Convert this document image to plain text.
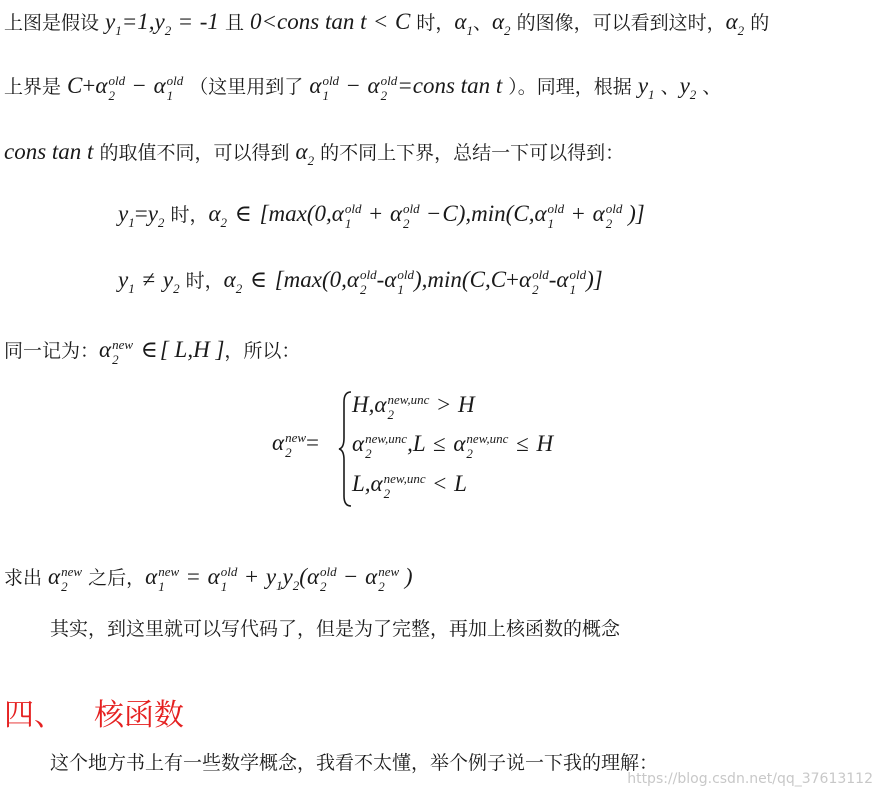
上图是假设 $y_1=1,y_2 = -1$ 且 0<cons tan t < C 时，$\alpha_1$、$\alpha_2$ 的图像，可以看到这时，$\alpha_2$ 的
上界是 C+α old
2 − α old
1 （这里用到了 α old
1 − α old
2 =cons tan t ）。同理，根据 $y_1$ 、$y_2$ 、
cons tan t 的取值不同，可以得到 $\alpha_2$ 的不同上下界，总结一下可以得到：
$y_1=y_2$ 时，$\alpha_2$ ∈ [max(0,α old
1 + α old
2 −C),min(C,α old
1 + α old
2 )]
$y_1 \ne y_2$ 时，$\alpha_2$ ∈ [max(0,α old
2 -α old
1 ),min(C,C+α old
2 -α old
1 )]
同一记为：α new
2 ∈[ L,H ]，所以：
α new
2 =
H,α new,unc
2	> H
α new,unc
2	,L ≤ α new,unc
2	≤ H
L,α new,unc
2	< L
求出 α new
2 之后，α new
1 = α old
$1 + y_1y_2(\alpha$ old
2 − α new
2 )
其实，到这里就可以写代码了，但是为了完整，再加上核函数的概念
四、 核函数
这个地方书上有一些数学概念，我看不太懂，举个例子说一下我的理解：
https://blog.csdn.net/qq_37613112
